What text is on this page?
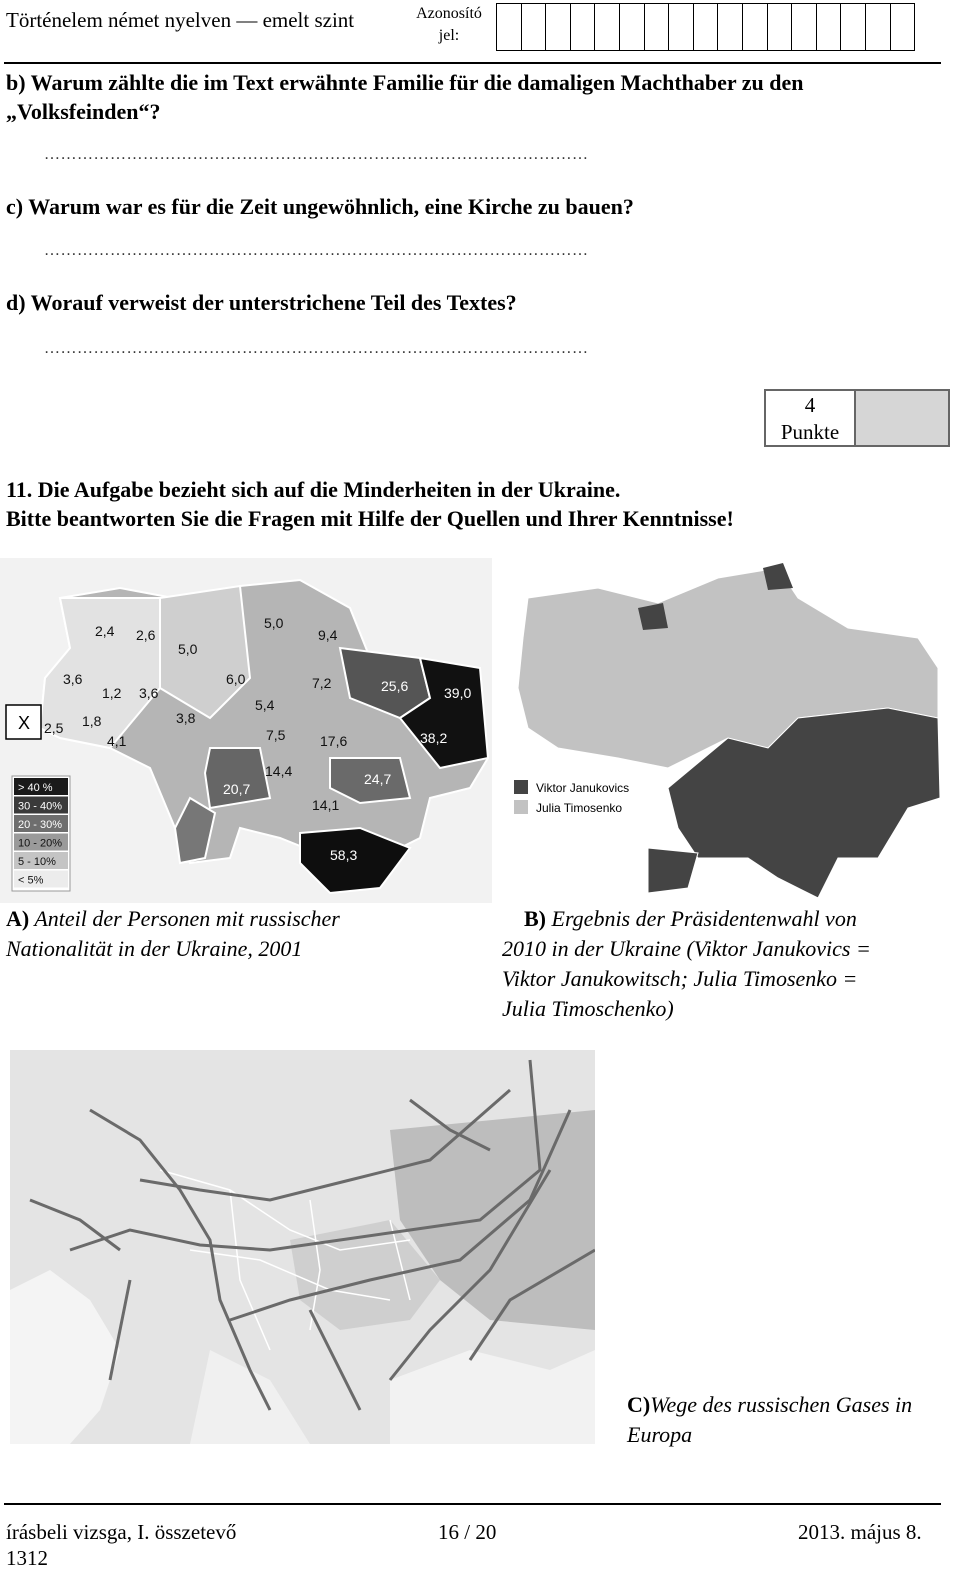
Történelem német nyelven — emelt szint	Azonosító
jel:
b) Warum zählte die im Text erwähnte Familie für die damaligen Machthaber zu den
„Volksfeinden“?
………………………………………………………………………………………
c) Warum war es für die Zeit ungewöhnlich, eine Kirche zu bauen?
………………………………………………………………………………………
d) Worauf verweist der unterstrichene Teil des Textes?
………………………………………………………………………………………
4
Punkte
11. Die Aufgabe bezieht sich auf die Minderheiten in der Ukraine.
Bitte beantworten Sie die Fragen mit Hilfe der Quellen und Ihrer Kenntnisse!
2,4 2,6
5,0
5,0
9,4
3,6
1,2 3,6
6,0	7,2	25,6	39,0
2,5 1,8
4,1
3,8
5,4
7,5 17,6	38,2
14,4
20,7
24,7
14,1
58,3
X
> 40 %
30 - 40%
20 - 30%
10 - 20%
5 - 10%
< 5%
Viktor Janukovics
Julia Timosenko
A) Anteil der Personen mit russischer
Nationalität in der Ukraine, 2001
B) Ergebnis der Präsidentenwahl von
2010 in der Ukraine (Viktor Janukovics =
Viktor Janukowitsch; Julia Timosenko =
Julia Timoschenko)
C)Wege des russischen Gases in
Europa
írásbeli vizsga, I. összetevő	16 / 20	2013. május 8.
1312
